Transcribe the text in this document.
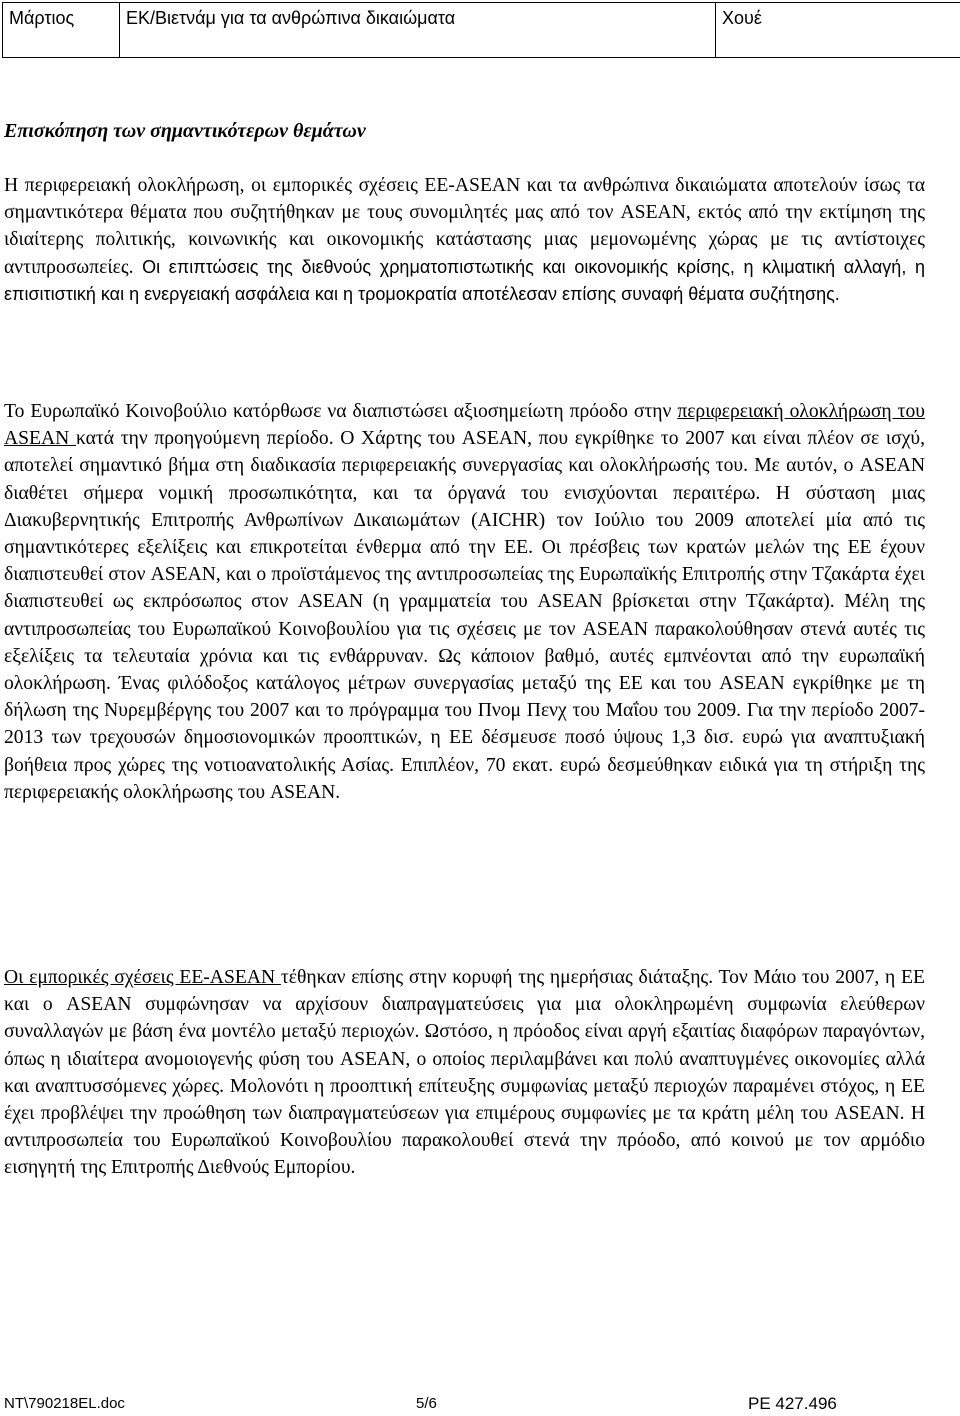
Μάρτιος	ΕΚ/Βιετνάμ για τα ανθρώπινα δικαιώματα	Χουέ
Επισκόπηση των σημαντικότερων θεμάτων

Η περιφερειακή ολοκλήρωση, οι εμπορικές σχέσεις ΕΕ-ASEAN και τα ανθρώπινα δικαιώματα αποτελούν ίσως τα σημαντικότερα θέματα που συζητήθηκαν με τους συνομιλητές μας από τον ASEAN, εκτός από την εκτίμηση της ιδιαίτερης πολιτικής, κοινωνικής και οικονομικής κατάστασης μιας μεμονωμένης χώρας με τις αντίστοιχες αντιπροσωπείες. Οι επιπτώσεις της διεθνούς χρηματοπιστωτικής και οικονομικής κρίσης, η κλιματική αλλαγή, η επισιτιστική και η ενεργειακή ασφάλεια και η τρομοκρατία αποτέλεσαν επίσης συναφή θέματα συζήτησης.

Το Ευρωπαϊκό Κοινοβούλιο κατόρθωσε να διαπιστώσει αξιοσημείωτη πρόοδο στην περιφερειακή ολοκλήρωση του ASEAN κατά την προηγούμενη περίοδο. Ο Χάρτης του ASEAN, που εγκρίθηκε το 2007 και είναι πλέον σε ισχύ, αποτελεί σημαντικό βήμα στη διαδικασία περιφερειακής συνεργασίας και ολοκλήρωσής του. Με αυτόν, ο ASEAN διαθέτει σήμερα νομική προσωπικότητα, και τα όργανά του ενισχύονται περαιτέρω. Η σύσταση μιας Διακυβερνητικής Επιτροπής Ανθρωπίνων Δικαιωμάτων (AICHR) τον Ιούλιο του 2009 αποτελεί μία από τις σημαντικότερες εξελίξεις και επικροτείται ένθερμα από την ΕΕ. Οι πρέσβεις των κρατών μελών της ΕΕ έχουν διαπιστευθεί στον ASEAN, και ο προϊστάμενος της αντιπροσωπείας της Ευρωπαϊκής Επιτροπής στην Τζακάρτα έχει διαπιστευθεί ως εκπρόσωπος στον ASEAN (η γραμματεία του ASEAN βρίσκεται στην Τζακάρτα). Μέλη της αντιπροσωπείας του Ευρωπαϊκού Κοινοβουλίου για τις σχέσεις με τον ASEAN παρακολούθησαν στενά αυτές τις εξελίξεις τα τελευταία χρόνια και τις ενθάρρυναν. Ως κάποιον βαθμό, αυτές εμπνέονται από την ευρωπαϊκή ολοκλήρωση. Ένας φιλόδοξος κατάλογος μέτρων συνεργασίας μεταξύ της ΕΕ και του ASEAN εγκρίθηκε με τη δήλωση της Νυρεμβέργης του 2007 και το πρόγραμμα του Πνομ Πενχ του Μαΐου του 2009. Για την περίοδο 2007-2013 των τρεχουσών δημοσιονομικών προοπτικών, η ΕΕ δέσμευσε ποσό ύψους 1,3 δισ. ευρώ για αναπτυξιακή βοήθεια προς χώρες της νοτιοανατολικής Ασίας. Επιπλέον, 70 εκατ. ευρώ δεσμεύθηκαν ειδικά για τη στήριξη της περιφερειακής ολοκλήρωσης του ASEAN.

Οι εμπορικές σχέσεις ΕΕ-ASEAN τέθηκαν επίσης στην κορυφή της ημερήσιας διάταξης. Τον Μάιο του 2007, η ΕΕ και ο ASEAN συμφώνησαν να αρχίσουν διαπραγματεύσεις για μια ολοκληρωμένη συμφωνία ελεύθερων συναλλαγών με βάση ένα μοντέλο μεταξύ περιοχών. Ωστόσο, η πρόοδος είναι αργή εξαιτίας διαφόρων παραγόντων, όπως η ιδιαίτερα ανομοιογενής φύση του ASEAN, ο οποίος περιλαμβάνει και πολύ αναπτυγμένες οικονομίες αλλά και αναπτυσσόμενες χώρες. Μολονότι η προοπτική επίτευξης συμφωνίας μεταξύ περιοχών παραμένει στόχος, η ΕΕ έχει προβλέψει την προώθηση των διαπραγματεύσεων για επιμέρους συμφωνίες με τα κράτη μέλη του ASEAN. Η αντιπροσωπεία του Ευρωπαϊκού Κοινοβουλίου παρακολουθεί στενά την πρόοδο, από κοινού με τον αρμόδιο εισηγητή της Επιτροπής Διεθνούς Εμπορίου.

NT\790218EL.doc	5/6	PE 427.496
